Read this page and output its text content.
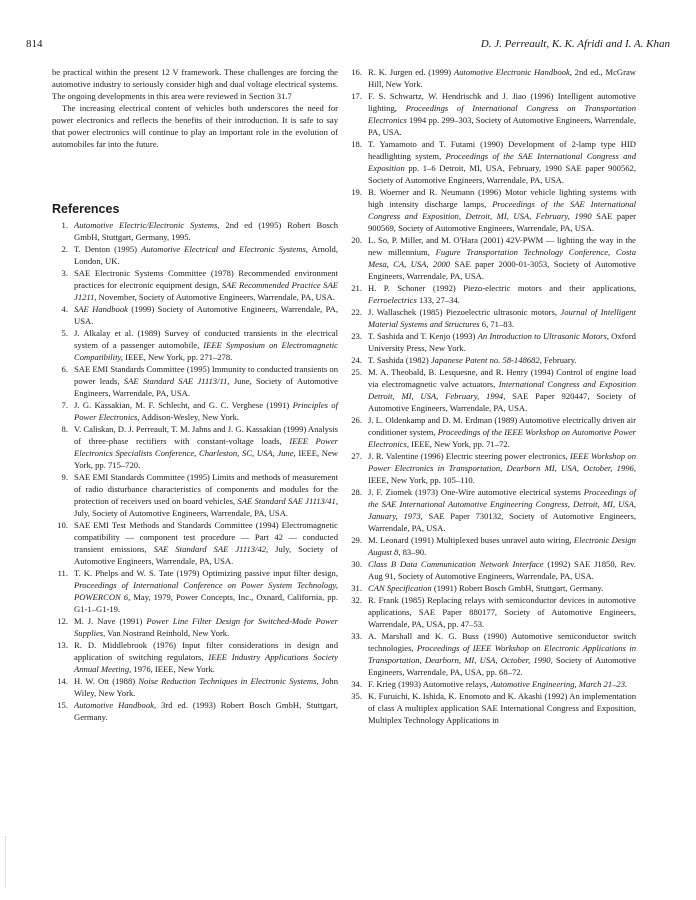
814	D. J. Perreault, K. K. Afridi and I. A. Khan

be practical within the present 12 V framework. These challenges are forcing the automotive industry to seriously consider high and dual voltage electrical systems. The ongoing developments in this area were reviewed in Section 31.7

The increasing electrical content of vehicles both underscores the need for power electronics and reflects the benefits of their introduction. It is safe to say that power electronics will continue to play an important role in the evolution of automobiles far into the future.

References
1. Automotive Electric/Electronic Systems, 2nd ed (1995) Robert Bosch GmbH, Stuttgart, Germany, 1995.
2. T. Denton (1995) Automotive Electrical and Electronic Systems, Arnold, London, UK.
3. SAE Electronic Systems Committee (1978) Recommended environment practices for electronic equipment design, SAE Recommended Practice SAE J1211, November, Society of Automotive Engineers, Warrendale, PA, USA.
4. SAE Handbook (1999) Society of Automotive Engineers, Warrendale, PA, USA.
5. J. Alkalay et al. (1989) Survey of conducted transients in the electrical system of a passenger automobile, IEEE Symposium on Electromagnetic Compatibility, IEEE, New York, pp. 271–278.
6. SAE EMI Standards Committee (1995) Immunity to conducted transients on power leads, SAE Standard SAE J1113/11, June, Society of Automotive Engineers, Warrendale, PA, USA.
7. J. G. Kassakian, M. F. Schlecht, and G. C. Verghese (1991) Principles of Power Electronics, Addison-Wesley, New York.
8. V. Caliskan, D. J. Perreault, T. M. Jahns and J. G. Kassakian (1999) Analysis of three-phase rectifiers with constant-voltage loads, IEEE Power Electronics Specialists Conference, Charleston, SC, USA, June, IEEE, New York, pp. 715–720.
9. SAE EMI Standards Committee (1995) Limits and methods of measurement of radio disturbance characteristics of components and modules for the protection of receivers used on board vehicles, SAE Standard SAE J1113/41, July, Society of Automotive Engineers, Warrendale, PA, USA.
10. SAE EMI Test Methods and Standards Committee (1994) Electromagnetic compatibility — component test procedure — Part 42 — conducted transient emissions, SAE Standard SAE J1113/42, July, Society of Automotive Engineers, Warrendale, PA, USA.
11. T. K. Phelps and W. S. Tate (1979) Optimizing passive input filter design, Proceedings of International Conference on Power System Technology, POWERCON 6, May, 1979, Power Concepts, Inc., Oxnard, California, pp. G1-1–G1-19.
12. M. J. Nave (1991) Power Line Filter Design for Switched-Mode Power Supplies, Van Nostrand Reinhold, New York.
13. R. D. Middlebrook (1976) Input filter considerations in design and application of switching regulators, IEEE Industry Applications Society Annual Meeting, 1976, IEEE, New York.
14. H. W. Ott (1988) Noise Reduction Techniques in Electronic Systems, John Wiley, New York.
15. Automotive Handbook, 3rd ed. (1993) Robert Bosch GmbH, Stuttgart, Germany.
16. R. K. Jurgen ed. (1999) Automotive Electronic Handbook, 2nd ed., McGraw Hill, New York.
17. F. S. Schwartz, W. Hendrischk and J. Jiao (1996) Intelligent automotive lighting, Proceedings of International Congress on Transportation Electronics 1994 pp. 299–303, Society of Automotive Engineers, Warrendale, PA, USA.
18. T. Yamamoto and T. Futami (1990) Development of 2-lamp type HID headlighting system, Proceedings of the SAE International Congress and Exposition pp. 1–6 Detroit, MI, USA, February, 1990 SAE paper 900562, Society of Automotive Engineers, Warrendale, PA, USA.
19. B. Woerner and R. Neumann (1996) Motor vehicle lighting systems with high intensity discharge lamps, Proceedings of the SAE International Congress and Exposition, Detroit, MI, USA, February, 1990 SAE paper 900569, Society of Automotive Engineers, Warrendale, PA, USA.
20. L. So, P. Miller, and M. O'Hara (2001) 42V-PWM — lighting the way in the new millennium, Fugure Transportation Technology Conference, Costa Mesa, CA, USA, 2000 SAE paper 2000-01-3053, Society of Automotive Engineers, Warrendale, PA, USA.
21. H. P. Schoner (1992) Piezo-electric motors and their applications, Ferroelectrics 133, 27–34.
22. J. Wallaschek (1985) Piezoelectric ultrasonic motors, Journal of Intelligent Material Systems and Structures 6, 71–83.
23. T. Sashida and T. Kenjo (1993) An Introduction to Ultrasonic Motors, Oxford University Press, New York.
24. T. Sashida (1982) Japanese Patent no. 58-148682, February.
25. M. A. Theobald, B. Lesquesne, and R. Henry (1994) Control of engine load via electromagnetic valve actuators, International Congress and Exposition Detroit, MI, USA, February, 1994, SAE Paper 920447, Society of Automotive Engineers, Warrendale, PA, USA.
26. J. L. Oldenkamp and D. M. Erdman (1989) Automotive electrically driven air conditioner system, Proceedings of the IEEE Workshop on Automotive Power Electronics, IEEE, New York, pp. 71–72.
27. J. R. Valentine (1996) Electric steering power electronics, IEEE Workshop on Power Electronics in Transportation, Dearborn MI, USA, October, 1996, IEEE, New York, pp. 105–110.
28. J. F. Ziomek (1973) One-Wire automotive electrical systems Proceedings of the SAE International Automotive Engineering Congress, Detroit, MI, USA, January, 1973, SAE Paper 730132, Society of Automotive Engineers, Warrendale, PA, USA.
29. M. Leonard (1991) Multiplexed buses unravel auto wiring, Electronic Design August 8, 83–90.
30. Class B Data Communication Network Interface (1992) SAE J1850, Rev. Aug 91, Society of Automotive Engineers, Warrendale, PA, USA.
31. CAN Specification (1991) Robert Bosch GmbH, Stuttgart, Germany.
32. R. Frank (1985) Replacing relays with semiconductor devices in automotive applications, SAE Paper 880177, Society of Automotive Engineers, Warrendale, PA, USA, pp. 47–53.
33. A. Marshall and K. G. Buss (1990) Automotive semiconductor switch technologies, Proceedings of IEEE Workshop on Electronic Applications in Transportation, Dearborn, MI, USA, October, 1990, Society of Automotive Engineers, Warrendale, PA, USA, pp. 68–72.
34. F. Krieg (1993) Automotive relays, Automotive Engineering, March 21–23.
35. K. Furuichi, K. Ishida, K. Enomoto and K. Akashi (1992) An implementation of class A multiplex application SAE International Congress and Exposition, Multiplex Technology Applications in
